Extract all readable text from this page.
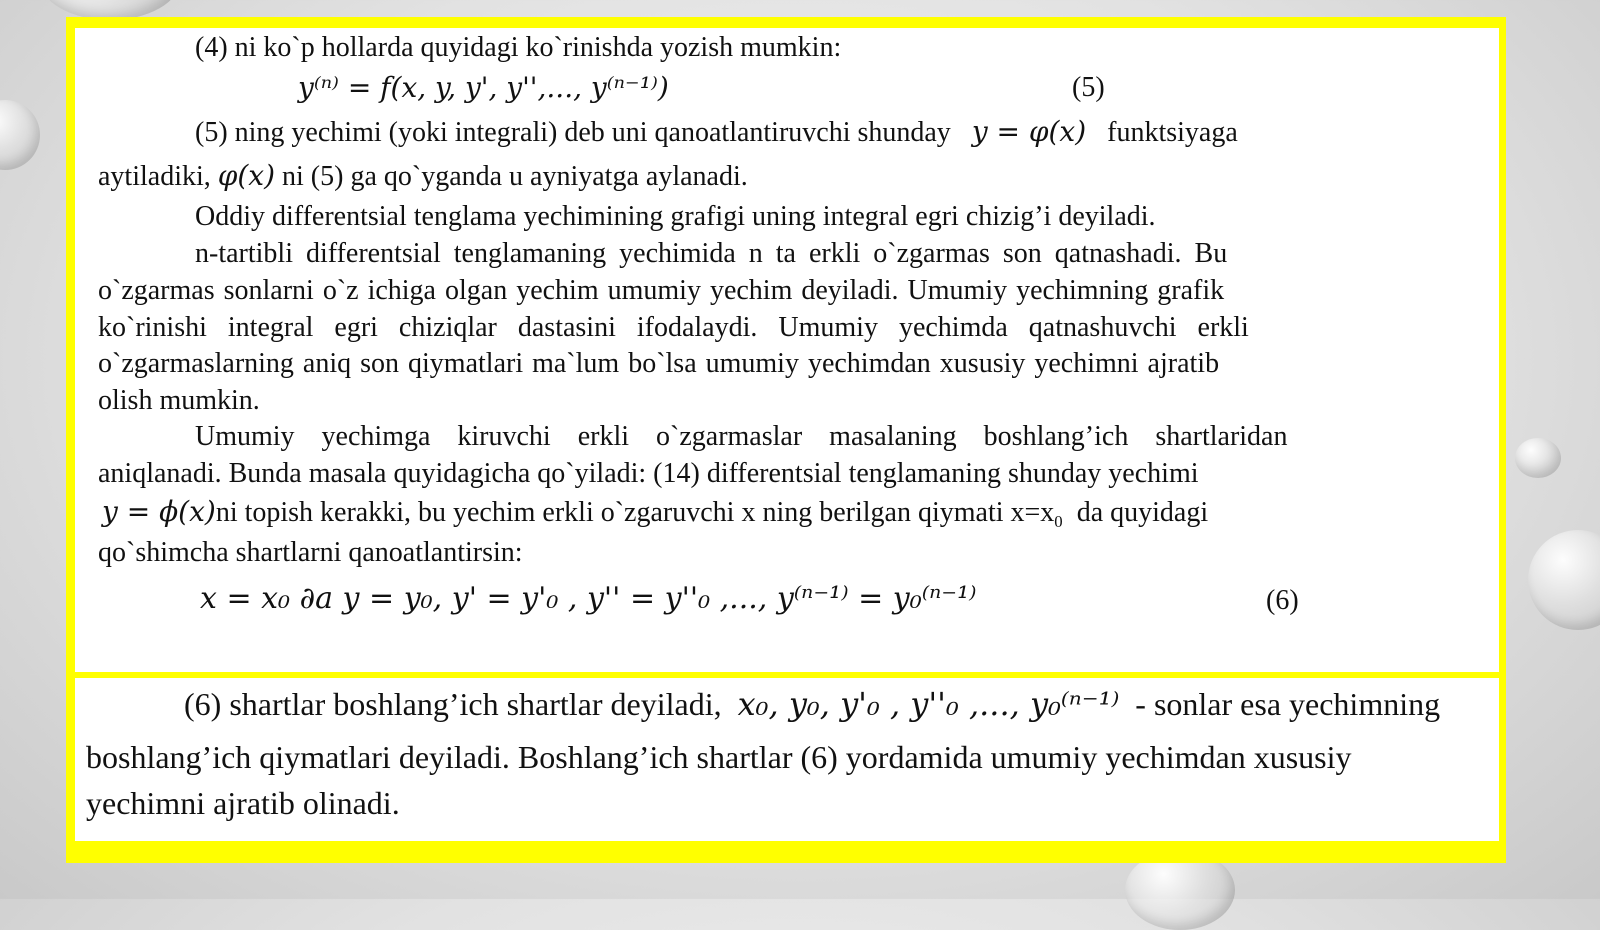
(4) ni ko`p hollarda quyidagi ko`rinishda yozish mumkin:
y⁽ⁿ⁾ = f(x, y, y', y'',..., y⁽ⁿ⁻¹⁾)	(5)
(5) ning yechimi (yoki integrali) deb uni qanoatlantiruvchi shunday y = φ(x) funktsiyaga
aytiladiki, φ(x) ni (5) ga qo`yganda u ayniyatga aylanadi.
Oddiy differentsial tenglama yechimining grafigi uning integral egri chizig’i deyiladi.
n-tartibli differentsial tenglamaning yechimida n ta erkli o`zgarmas son qatnashadi. Bu
o`zgarmas sonlarni o`z ichiga olgan yechim umumiy yechim deyiladi. Umumiy yechimning grafik
ko`rinishi integral egri chiziqlar dastasini ifodalaydi. Umumiy yechimda qatnashuvchi erkli
o`zgarmaslarning aniq son qiymatlari ma`lum bo`lsa umumiy yechimdan xususiy yechimni ajratib
olish mumkin.
Umumiy yechimga kiruvchi erkli o`zgarmaslar masalaning boshlang’ich shartlaridan
aniqlanadi. Bunda masala quyidagicha qo`yiladi: (14) differentsial tenglamaning shunday yechimi
y = ϕ(x)ni topish kerakki, bu yechim erkli o`zgaruvchi x ning berilgan qiymati $x=x_0$ da quyidagi
qo`shimcha shartlarni qanoatlantirsin:
x = x₀ ∂a y = y₀, y' = y'₀ , y'' = y''₀ ,..., y⁽ⁿ⁻¹⁾ = y₀⁽ⁿ⁻¹⁾	(6)
(6) shartlar boshlang’ich shartlar deyiladi, x₀, y₀, y'₀ , y''₀ ,..., y₀⁽ⁿ⁻¹⁾ - sonlar esa yechimning
boshlang’ich qiymatlari deyiladi. Boshlang’ich shartlar (6) yordamida umumiy yechimdan xususiy
yechimni ajratib olinadi.
